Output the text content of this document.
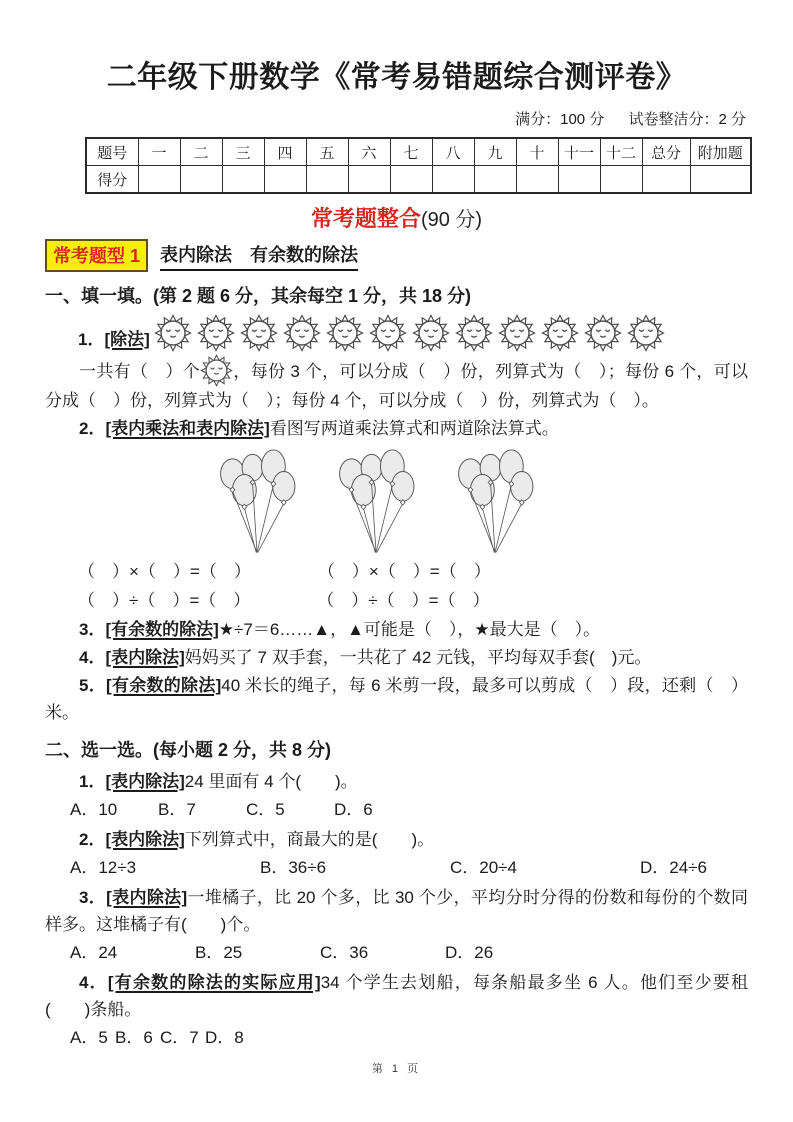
二年级下册数学《常考易错题综合测评卷》
满分：100 分 试卷整洁分：2 分
题号	一	二	三	四	五	六	七	八	九	十	十一	十二	总分	附加题
得分														
常考题整合(90 分)
常考题型 1	表内除法　有余数的除法
一、填一填。(第 2 题 6 分，其余每空 1 分，共 18 分)
1．[除法]
一共有（　）个 ，每份 3 个，可以分成（　）份，列算式为（　）；每份 6 个，可以分成（　）份，列算式为（　）；每份 4 个，可以分成（　）份，列算式为（　）。
2．[表内乘法和表内除法]看图写两道乘法算式和两道除法算式。
（　）×（　）=（　）	（　）×（　）=（　）
（　）÷（　）=（　）	（　）÷（　）=（　）
3．[有余数的除法]★÷7＝6……▲，▲可能是（　），★最大是（　）。
4．[表内除法]妈妈买了 7 双手套，一共花了 42 元钱，平均每双手套(　)元。
5．[有余数的除法]40 米长的绳子，每 6 米剪一段，最多可以剪成（　）段，还剩（　）米。
二、选一选。(每小题 2 分，共 8 分)
1．[表内除法]24 里面有 4 个(　　)。
A．10	B．7	C．5	D．6
2．[表内除法]下列算式中，商最大的是(　　)。
A．12÷3	B．36÷6	C．20÷4	D．24÷6
3．[表内除法]一堆橘子，比 20 个多，比 30 个少，平均分时分得的份数和每份的个数同样多。这堆橘子有(　　)个。
A．24	B．25	C．36	D．26
4．[有余数的除法的实际应用]34 个学生去划船，每条船最多坐 6 人。他们至少要租(　　)条船。
A．5 B．6 C．7 D．8
第 1 页
